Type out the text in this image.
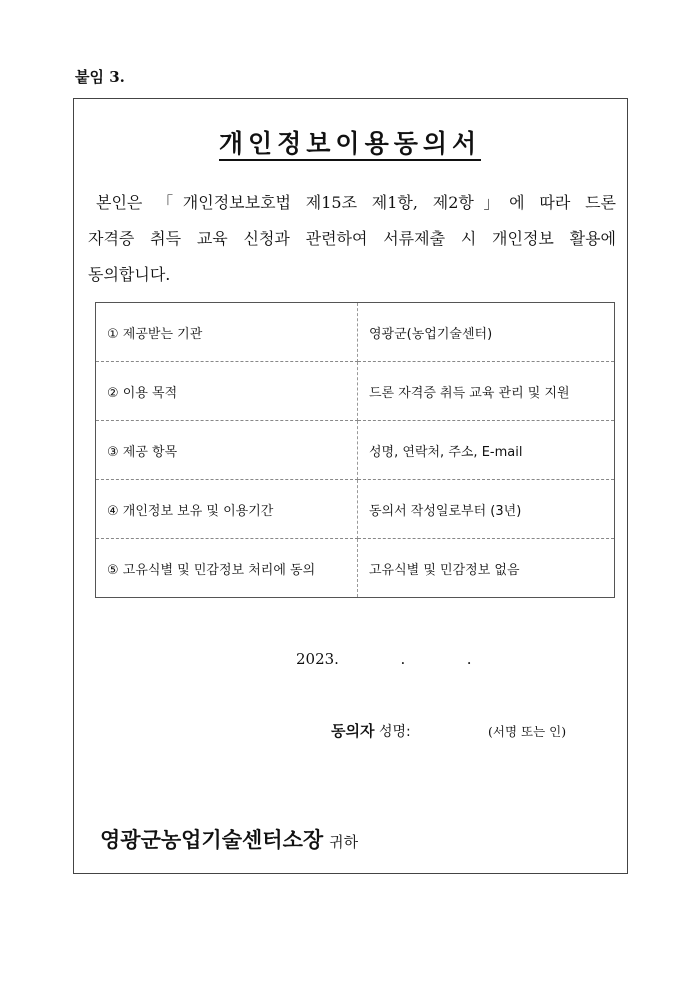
붙임 3.
개인정보이용동의서
본인은 「개인정보보호법 제15조 제1항, 제2항」에 따라 드론
자격증 취득 교육 신청과 관련하여 서류제출 시 개인정보 활용에
동의합니다.
① 제공받는 기관	영광군(농업기술센터)
② 이용 목적	드론 자격증 취득 교육 관리 및 지원
③ 제공 항목	성명, 연락처, 주소, E-mail
④ 개인정보 보유 및 이용기간	동의서 작성일로부터 (3년)
⑤ 고유식별 및 민감정보 처리에 동의	고유식별 및 민감정보 없음
2023.  .  .
동의자 성명:	(서명 또는 인)
영광군농업기술센터소장 귀하
